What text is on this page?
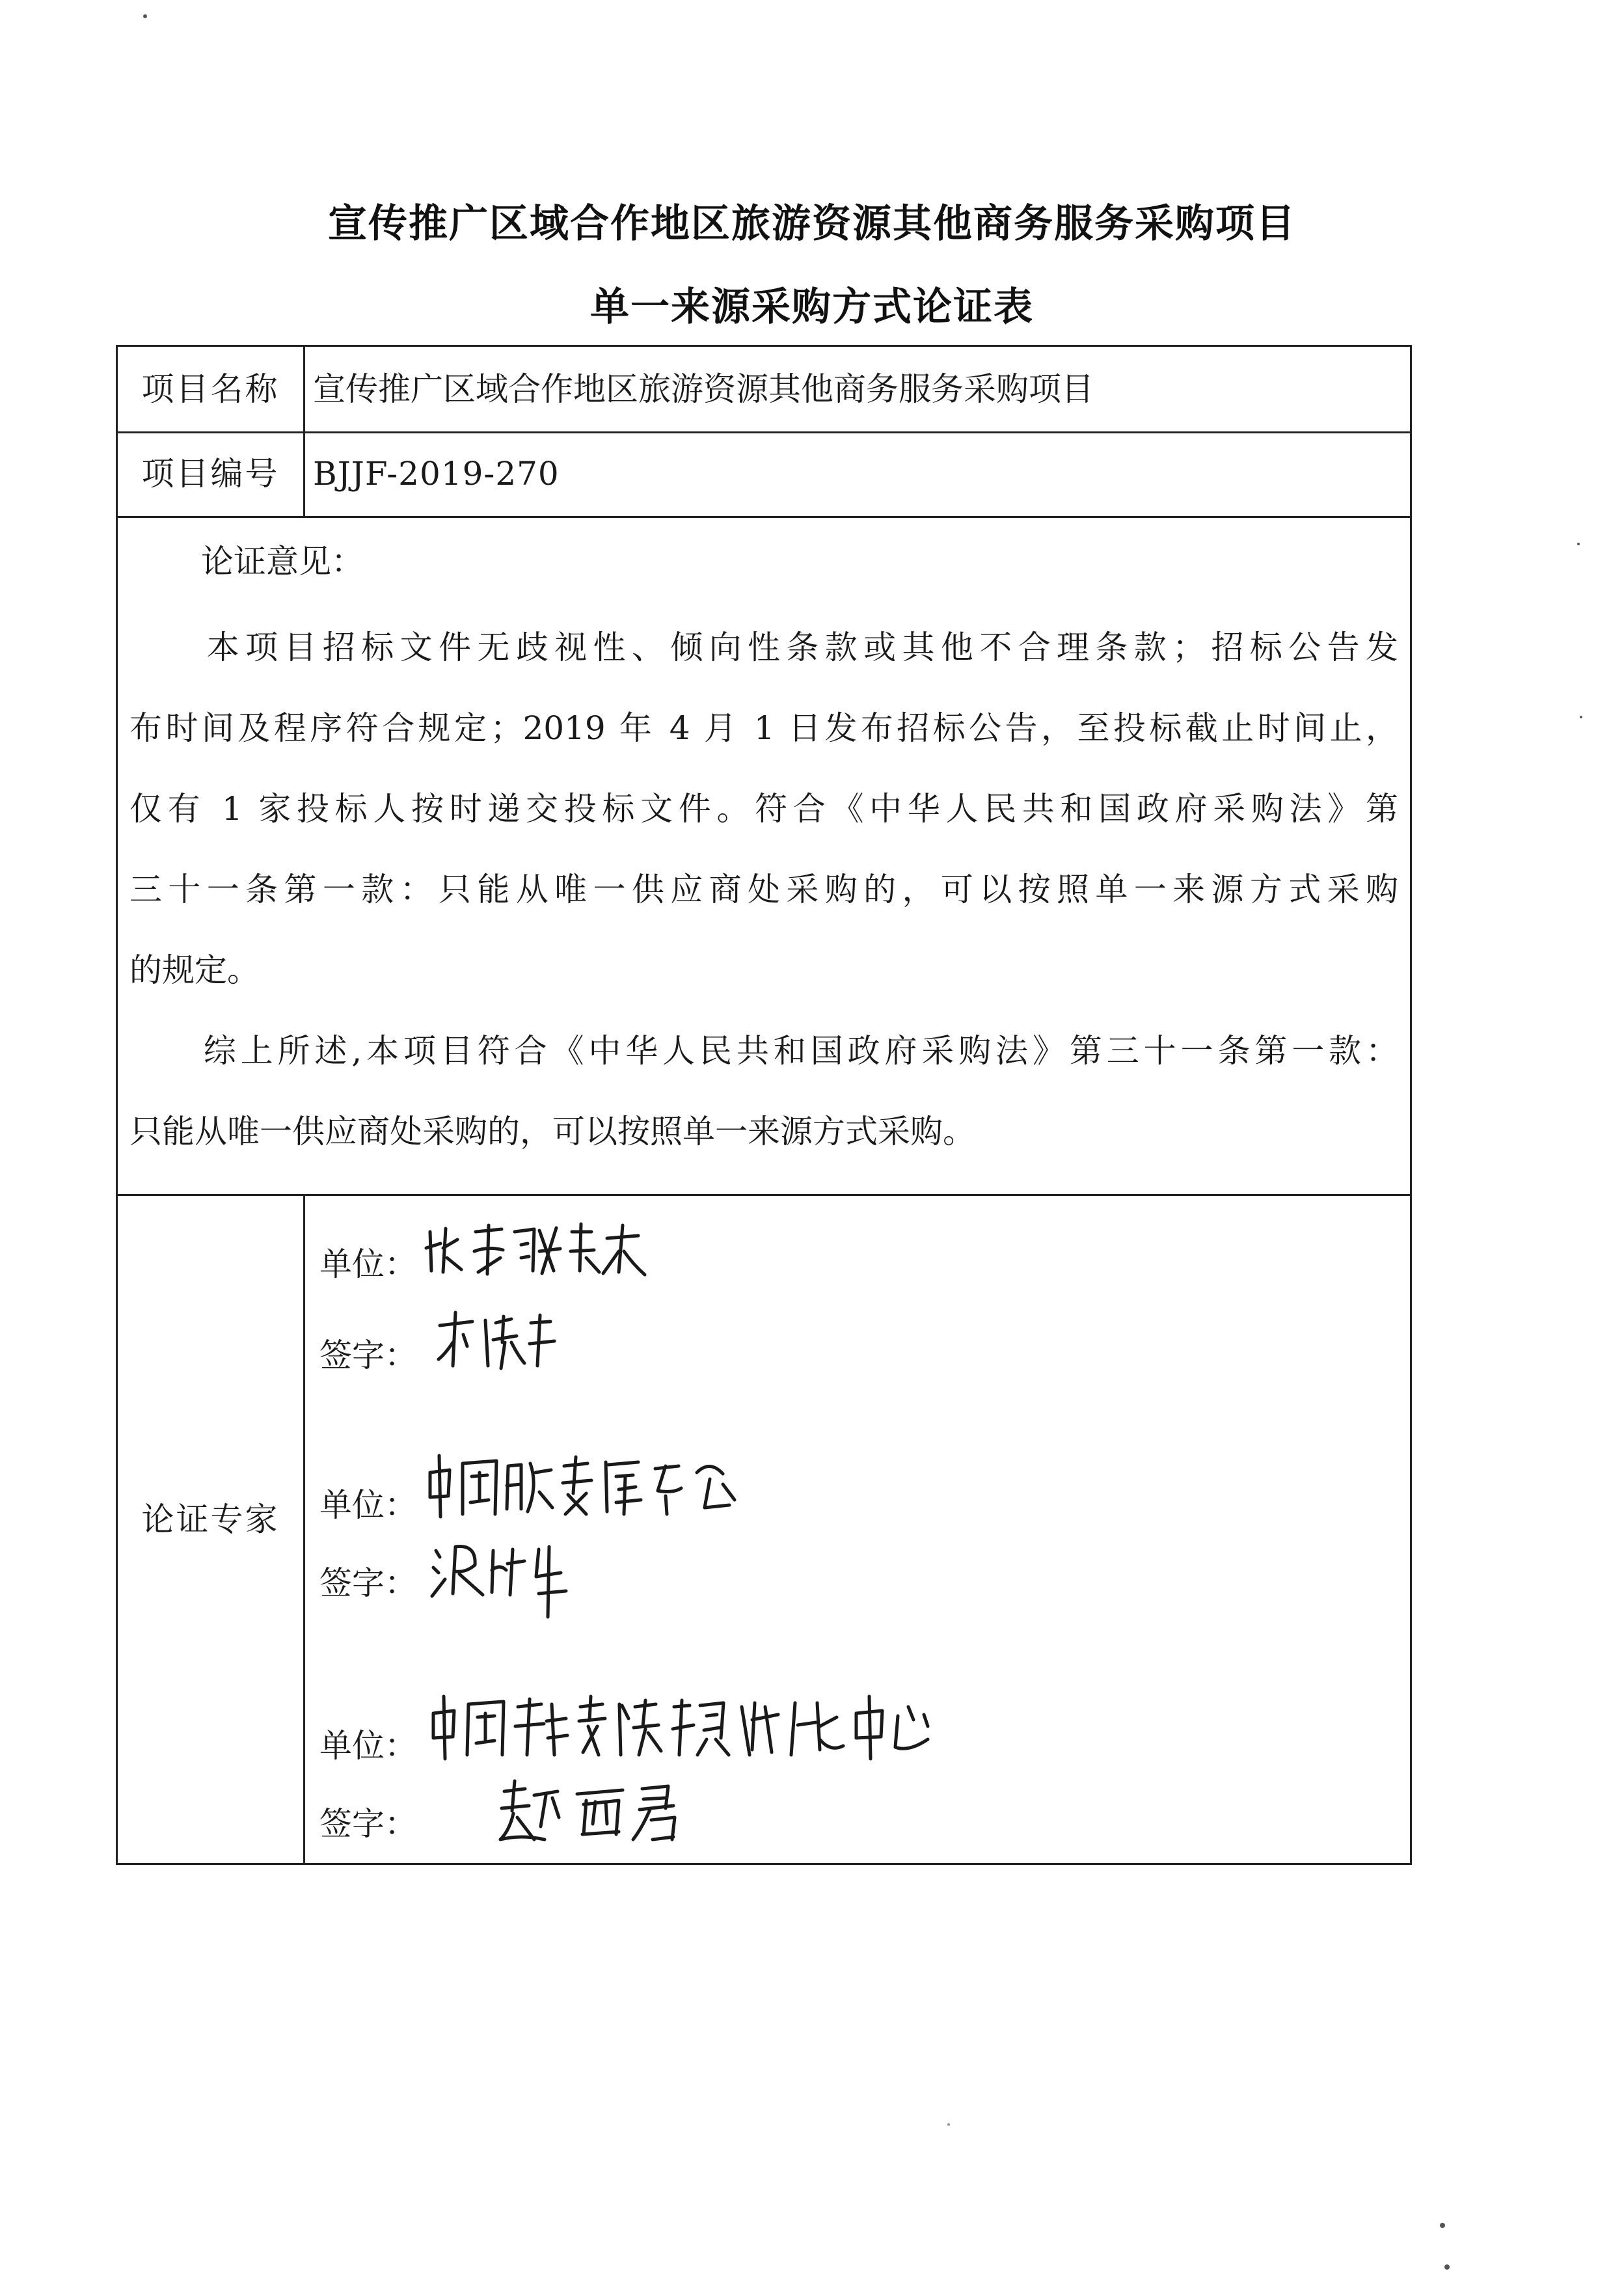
宣传推广区域合作地区旅游资源其他商务服务采购项目
单一来源采购方式论证表
项目名称	宣传推广区域合作地区旅游资源其他商务服务采购项目
项目编号	BJJF-2019-270
论证意见：
　　本项目招标文件无歧视性、倾向性条款或其他不合理条款；招标公告发
布时间及程序符合规定；2019 年 4 月 1 日发布招标公告，至投标截止时间止，
仅有 1 家投标人按时递交投标文件。符合《中华人民共和国政府采购法》第
三十一条第一款：只能从唯一供应商处采购的，可以按照单一来源方式采购
的规定。
　　综上所述,本项目符合《中华人民共和国政府采购法》第三十一条第一款：
只能从唯一供应商处采购的，可以按照单一来源方式采购。
论证专家
单位：
签字：
单位：
签字：
单位：
签字：
